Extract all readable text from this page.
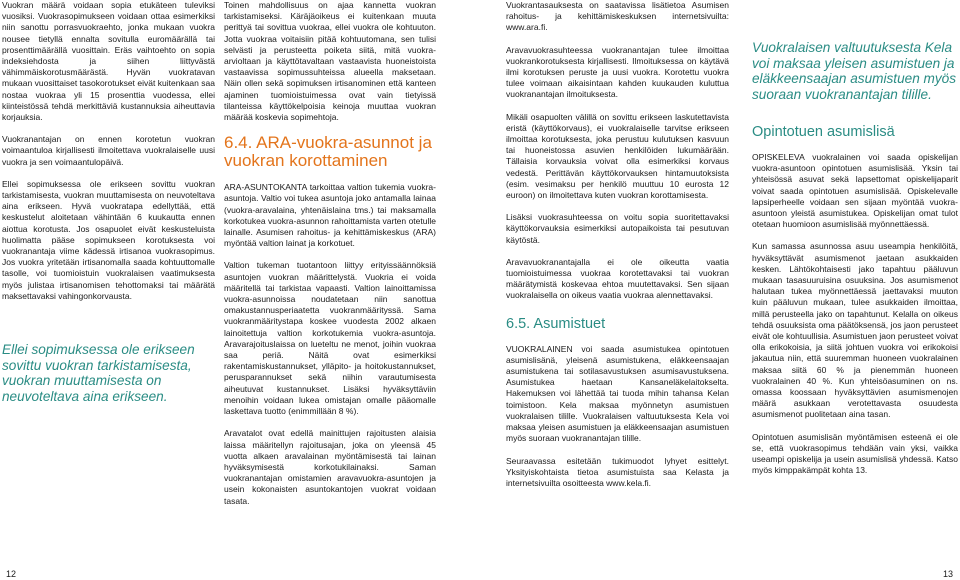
Vuokran määrä voidaan sopia etukäteen tuleviksi vuosiksi. Vuokrasopimukseen voidaan ottaa esimerkiksi niin sanottu porrasvuokraehto, jonka mukaan vuokra nousee tietyllä ennalta sovitulla euromäärällä tai prosenttimäärällä vuosittain. Eräs vaihtoehto on sopia indeksiehdosta ja siihen liittyvästä vähimmäiskorotusmäärästä. Hyvän vuokratavan mukaan vuosittaiset tasokorotukset eivät kuitenkaan saa nostaa vuokraa yli 15 prosenttia vuodessa, ellei kiinteistössä tehdä merkittäviä kustannuksia aiheuttavia korjauksia.

Vuokranantajan on ennen korotetun vuokran voimaantuloa kirjallisesti ilmoitettava vuokralaiselle uusi vuokra ja sen voimaantulopäivä.

Ellei sopimuksessa ole erikseen sovittu vuokran tarkistamisesta, vuokran muuttamisesta on neuvoteltava aina erikseen. Hyvä vuokratapa edellyttää, että keskustelut aloitetaan vähintään 6 kuukautta ennen aiottua korotusta. Jos osapuolet eivät keskusteluista huolimatta pääse sopimukseen korotuksesta voi vuokranantaja viime kädessä irtisanoa vuokrasopimus. Jos vuokra yritetään irtisanomalla saada kohtuuttomalle tasolle, voi tuomioistuin vuokralaisen vaatimuksesta myös julistaa irtisanomisen tehottomaksi tai määrätä maksettavaksi vahingonkorvausta.

Ellei sopimuksessa ole erikseen sovittu vuokran tarkistamisesta, vuokran muuttamisesta on neuvoteltava aina erikseen.

Toinen mahdollisuus on ajaa kannetta vuokran tarkistamiseksi. Käräjäoikeus ei kuitenkaan muuta perittyä tai sovittua vuokraa, ellei vuokra ole kohtuuton. Jotta vuokraa voitaisiin pitää kohtuutomana, sen tulisi selvästi ja perusteetta poiketa siitä, mitä vuokra-arvioltaan ja käyttötavaltaan vastaavista huoneistoista vastaavissa sopimussuhteissa alueella maksetaan. Näin ollen sekä sopimuksen irtisanominen että kanteen ajaminen tuomioistuimessa ovat vain tietyissä tilanteissa käyttökelpoisia keinoja muuttaa vuokran määrää koskevia sopimehtoja.

6.4. ARA-vuokra-asunnot ja vuokran korottaminen

ARA-ASUNTOKANTA tarkoittaa valtion tukemia vuokra-asuntoja. Valtio voi tukea asuntoja joko antamalla lainaa (vuokra-aravalaina, yhtenäislaina tms.) tai maksamalla korkotukea vuokra-asunnon rahoittamista varten otetulle lainalle. Asumisen rahoitus- ja kehittämiskeskus (ARA) myöntää valtion lainat ja korkotuet.

Valtion tukeman tuotantoon liittyy erityissäännöksiä asuntojen vuokran määrittelystä. Vuokria ei voida määritellä tai tarkistaa vapaasti. Valtion lainoittamissa vuokra-asunnoissa noudatetaan niin sanottua omakustannusperiaatetta vuokranmäärityssä. Sama vuokranmääritystapa koskee vuodesta 2002 alkaen lainoitettuja valtion korkotukemia vuokra-asuntoja. Aravarajoituslaissa on lueteltu ne menot, joihin vuokraa saa periä. Näitä ovat esimerkiksi rakentamiskustannukset, ylläpito- ja hoitokustannukset, perusparannukset sekä niihin varautumisesta aiheutuvat kustannukset. Lisäksi hyväksyttäviin menoihin voidaan lukea omistajan omalle pääomalle laskettava tuotto (enimmillään 8 %).

Aravatalot ovat edellä mainittujen rajoitusten alaisia laissa määritellyn rajoitusajan, joka on yleensä 45 vuotta alkaen aravalainan myöntämisestä tai lainan hyväksymisestä korkotukilainaksi. Saman vuokranantajan omistamien aravavuokra-asuntojen ja usein kokonaisten asuntokantojen vuokrat voidaan tasata.

Vuokrantasauksesta on saatavissa lisätietoa Asumisen rahoitus- ja kehittämiskeskuksen internetsivuilta: www.ara.fi.

Aravavuokrasuhteessa vuokranantajan tulee ilmoittaa vuokrankorotuksesta kirjallisesti. Ilmoituksessa on käytävä ilmi korotuksen peruste ja uusi vuokra. Korotettu vuokra tulee voimaan aikaisintaan kahden kuukauden kuluttua vuokranantajan ilmoituksesta.

Mikäli osapuolten välillä on sovittu erikseen laskutettavista eristä (käyttökorvaus), ei vuokralaiselle tarvitse erikseen ilmoittaa korotuksesta, joka perustuu kulutuksen kasvuun tai huoneistossa asuvien henkilöiden lukumäärään. Tällaisia korvauksia voivat olla esimerkiksi korvaus vedestä. Perittävän käyttökorvauksen hintamuutoksista (esim. vesimaksu per henkilö muuttuu 10 eurosta 12 euroon) on ilmoitettava kuten vuokran korottamisesta.

Lisäksi vuokrasuhteessa on voitu sopia suoritettavaksi käyttökorvauksia esimerkiksi autopaikoista tai pesutuvan käytöstä.

Aravavuokranantajalla ei ole oikeutta vaatia tuomioistuimessa vuokraa korotettavaksi tai vuokran määrätymistä koskevaa ehtoa muutettavaksi. Sen sijaan vuokralaisella on oikeus vaatia vuokraa alennettavaksi.

6.5. Asumistuet

VUOKRALAINEN voi saada asumistukea opintotuen asumislisänä, yleisenä asumistukena, eläkkeensaajan asumistukena tai sotilasavustuksen asumisavustuksena. Asumistukea haetaan Kansaneläkelaitokselta. Hakemuksen voi lähettää tai tuoda mihin tahansa Kelan toimistoon. Kela maksaa myönnetyn asumistuen vuokralaisen tilille. Vuokralaisen valtuutuksesta Kela voi maksaa yleisen asumistuen ja eläkkeensaajan asumistuen myös suoraan vuokranantajan tilille.

Seuraavassa esitetään tukimuodot lyhyet esittelyt. Yksityiskohtaista tietoa asumistuista saa Kelasta ja internetsivuilta osoitteesta www.kela.fi.

Vuokralaisen valtuutuksesta Kela voi maksaa yleisen asumistuen ja eläkkeensaajan asumistuen myös suoraan vuokranantajan tilille.

Opintotuen asumislisä

OPISKELEVA vuokralainen voi saada opiskelijan vuokra-asuntoon opintotuen asumislisää. Yksin tai yhteisössä asuvat sekä lapsettomat opiskelijaparit voivat saada opintotuen asumislisää. Opiskelevalle lapsiperheelle voidaan sen sijaan myöntää vuokra-asuntoon yleistä asumistukea. Opiskelijan omat tulot otetaan huomioon asumislisää myönnettäessä.

Kun samassa asunnossa asuu useampia henkilöitä, hyväksyttävät asumismenot jaetaan asukkaiden kesken. Lähtökohtaisesti jako tapahtuu pääluvun mukaan tasasuuruisina osuuksina. Jos asumismenot halutaan tukea myönnettäessä jaettavaksi muuton kuin pääluvun mukaan, tulee asukkaiden ilmoittaa, millä perusteella jako on tapahtunut. Kelalla on oikeus tehdä osuuksista oma päätöksensä, jos jaon perusteet eivät ole kohtuullisia. Asumistuen jaon perusteet voivat olla erikokoisia, ja siitä johtuen vuokra voi erikokoisi jakautua niin, että suuremman huoneen vuokralainen maksaa siitä 60 % ja pienemmän huoneen vuokralainen 40 %. Kun yhteisöasuminen on ns. omassa koossaan hyväksyttävien asumismenojen määrä asukkaan verotettavasta osuudesta asumismenot puolitetaan aina tasan.

Opintotuen asumislisän myöntämisen esteenä ei ole se, että vuokrasopimus tehdään vain yksi, vaikka useampi opiskelija ja usein asumislisä yhdessä. Katso myös kimppakämpät kohta 13.

12	13
